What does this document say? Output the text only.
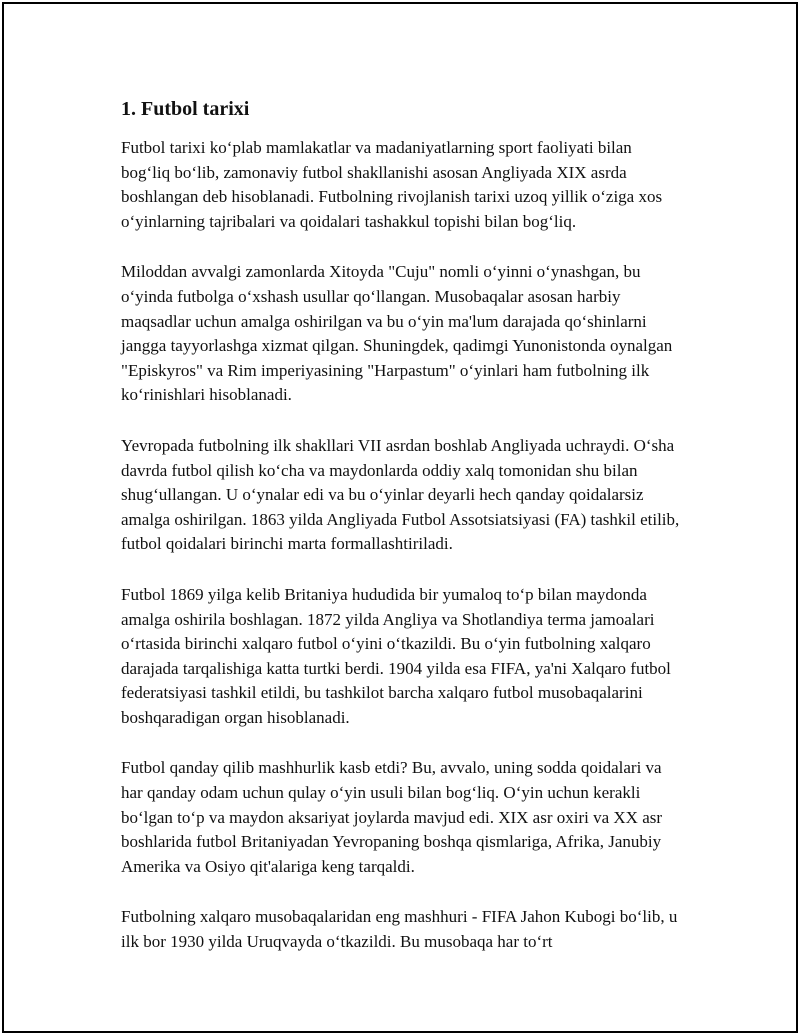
1. Futbol tarixi

Futbol tarixi ko‘plab mamlakatlar va madaniyatlarning sport faoliyati bilan bog‘liq bo‘lib, zamonaviy futbol shakllanishi asosan Angliyada XIX asrda boshlangan deb hisoblanadi. Futbolning rivojlanish tarixi uzoq yillik o‘ziga xos o‘yinlarning tajribalari va qoidalari tashakkul topishi bilan bog‘liq.

Miloddan avvalgi zamonlarda Xitoyda "Cuju" nomli o‘yinni o‘ynashgan, bu o‘yinda futbolga o‘xshash usullar qo‘llangan. Musobaqalar asosan harbiy maqsadlar uchun amalga oshirilgan va bu o‘yin ma'lum darajada qo‘shinlarni jangga tayyorlashga xizmat qilgan. Shuningdek, qadimgi Yunonistonda oynalgan "Episkyros" va Rim imperiyasining "Harpastum" o‘yinlari ham futbolning ilk ko‘rinishlari hisoblanadi.

Yevropada futbolning ilk shakllari VII asrdan boshlab Angliyada uchraydi. O‘sha davrda futbol qilish ko‘cha va maydonlarda oddiy xalq tomonidan shu bilan shug‘ullangan. U o‘ynalar edi va bu o‘yinlar deyarli hech qanday qoidalarsiz amalga oshirilgan. 1863 yilda Angliyada Futbol Assotsiatsiyasi (FA) tashkil etilib, futbol qoidalari birinchi marta formallashtiriladi.

Futbol 1869 yilga kelib Britaniya hududida bir yumaloq to‘p bilan maydonda amalga oshirila boshlagan. 1872 yilda Angliya va Shotlandiya terma jamoalari o‘rtasida birinchi xalqaro futbol o‘yini o‘tkazildi. Bu o‘yin futbolning xalqaro darajada tarqalishiga katta turtki berdi. 1904 yilda esa FIFA, ya'ni Xalqaro futbol federatsiyasi tashkil etildi, bu tashkilot barcha xalqaro futbol musobaqalarini boshqaradigan organ hisoblanadi.

Futbol qanday qilib mashhurlik kasb etdi? Bu, avvalo, uning sodda qoidalari va har qanday odam uchun qulay o‘yin usuli bilan bog‘liq. O‘yin uchun kerakli bo‘lgan to‘p va maydon aksariyat joylarda mavjud edi. XIX asr oxiri va XX asr boshlarida futbol Britaniyadan Yevropaning boshqa qismlariga, Afrika, Janubiy Amerika va Osiyo qit'alariga keng tarqaldi.

Futbolning xalqaro musobaqalaridan eng mashhuri - FIFA Jahon Kubogi bo‘lib, u ilk bor 1930 yilda Uruqvayda o‘tkazildi. Bu musobaqa har to‘rt
